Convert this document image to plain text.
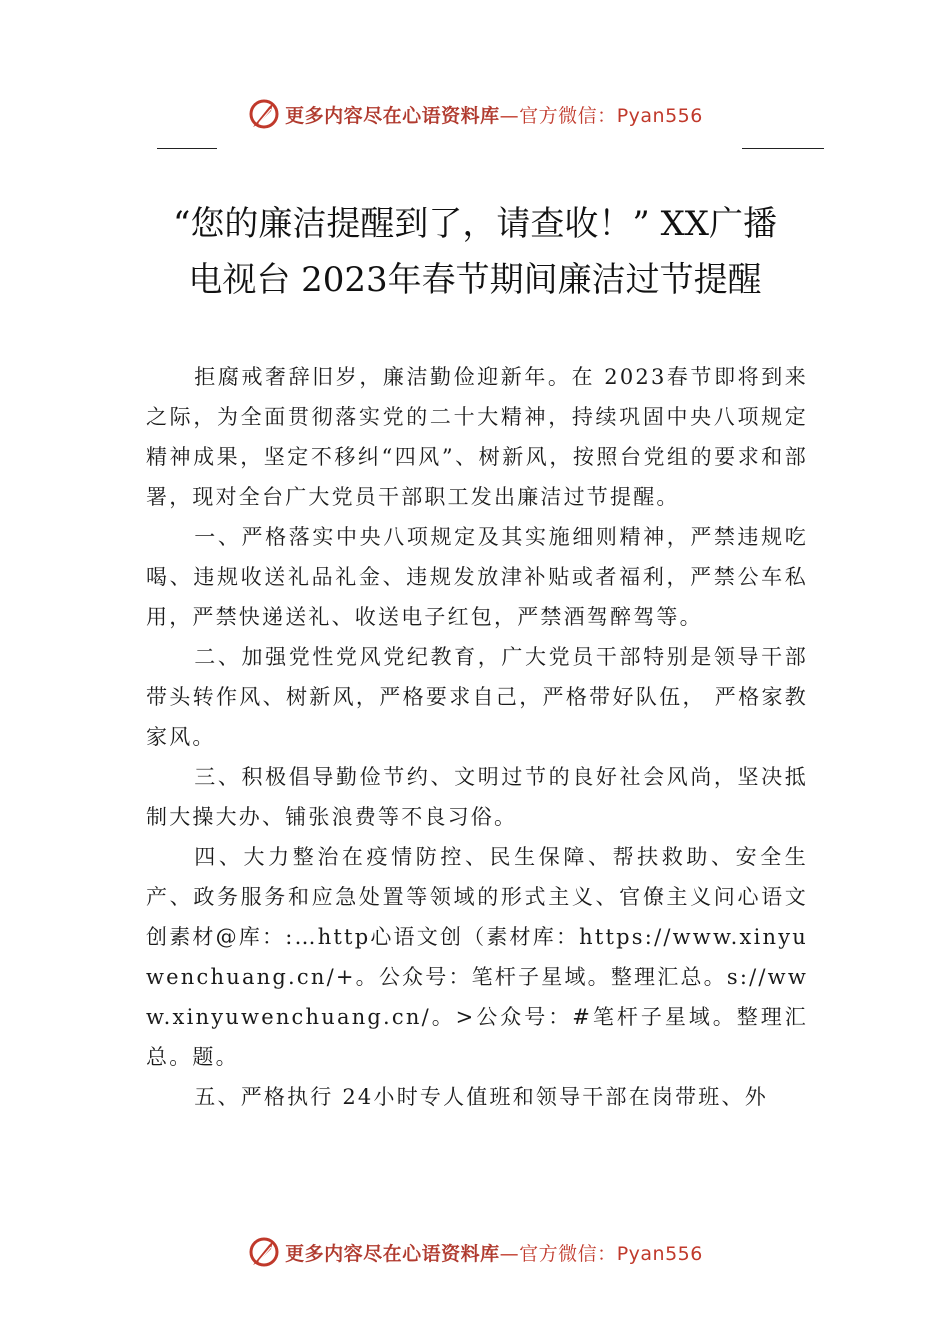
更多内容尽在心语资料库—官方微信：Pyan556
“您的廉洁提醒到了，请查收！” XX广播
电视台 2023年春节期间廉洁过节提醒

拒腐戒奢辞旧岁，廉洁勤俭迎新年。在 2023春节即将到来之际，为全面贯彻落实党的二十大精神，持续巩固中央八项规定精神成果，坚定不移纠“四风”、树新风，按照台党组的要求和部署，现对全台广大党员干部职工发出廉洁过节提醒。

一、严格落实中央八项规定及其实施细则精神，严禁违规吃喝、违规收送礼品礼金、违规发放津补贴或者福利，严禁公车私用，严禁快递送礼、收送电子红包，严禁酒驾醉驾等。

二、加强党性党风党纪教育，广大党员干部特别是领导干部带头转作风、树新风，严格要求自己，严格带好队伍， 严格家教家风。

三、积极倡导勤俭节约、文明过节的良好社会风尚，坚决抵制大操大办、铺张浪费等不良习俗。

四、大力整治在疫情防控、民生保障、帮扶救助、安全生产、政务服务和应急处置等领域的形式主义、官僚主义问心语文创素材@库：:…http心语文创（素材库：https://www.xinyuwenchuang.cn/+。公众号：笔杆子星域。整理汇总。s://www.xinyuwenchuang.cn/。>公众号：#笔杆子星域。整理汇总。题。

五、严格执行 24小时专人值班和领导干部在岗带班、外

更多内容尽在心语资料库—官方微信：Pyan556
